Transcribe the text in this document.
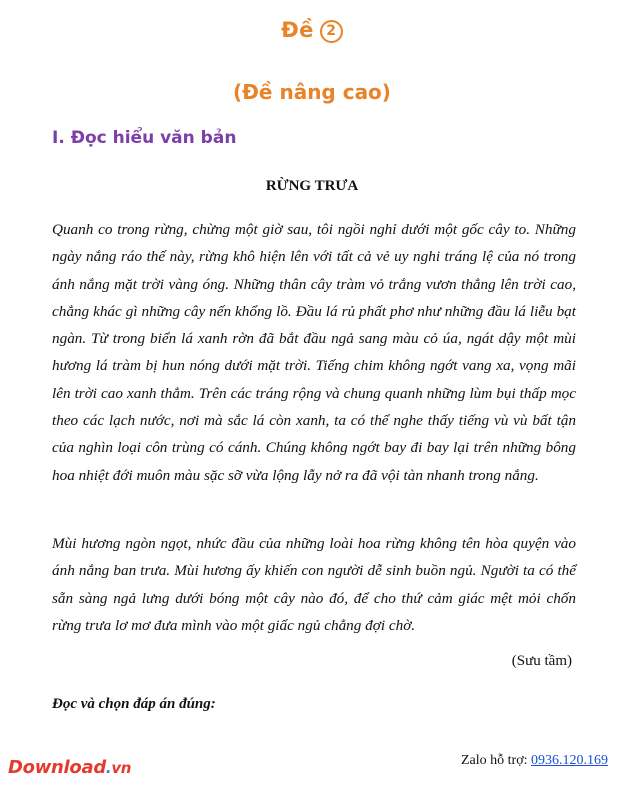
Đề 2
(Đề nâng cao)
I. Đọc hiểu văn bản
RỪNG TRƯA
Quanh co trong rừng, chừng một giờ sau, tôi ngồi nghỉ dưới một gốc cây to. Những ngày nắng ráo thế này, rừng khô hiện lên với tất cả vẻ uy nghi tráng lệ của nó trong ánh nắng mặt trời vàng óng. Những thân cây tràm vỏ trắng vươn thẳng lên trời cao, chẳng khác gì những cây nến khổng lồ. Đầu lá rủ phất phơ như những đầu lá liễu bạt ngàn. Từ trong biển lá xanh rờn đã bắt đầu ngả sang màu cỏ úa, ngát dậy một mùi hương lá tràm bị hun nóng dưới mặt trời. Tiếng chim không ngớt vang xa, vọng mãi lên trời cao xanh thẳm. Trên các tráng rộng và chung quanh những lùm bụi thấp mọc theo các lạch nước, nơi mà sắc lá còn xanh, ta có thể nghe thấy tiếng vù vù bất tận của nghìn loại côn trùng có cánh. Chúng không ngớt bay đi bay lại trên những bông hoa nhiệt đới muôn màu sặc sỡ vừa lộng lẫy nở ra đã vội tàn nhanh trong nắng.
Mùi hương ngòn ngọt, nhức đầu của những loài hoa rừng không tên hòa quyện vào ánh nắng ban trưa. Mùi hương ấy khiến con người dễ sinh buồn ngủ. Người ta có thể sẵn sàng ngả lưng dưới bóng một cây nào đó, để cho thứ cảm giác mệt mỏi chốn rừng trưa lơ mơ đưa mình vào một giấc ngủ chẳng đợi chờ.
(Sưu tầm)
Đọc và chọn đáp án đúng:
Download.vn	Zalo hỗ trợ: 0936.120.169
